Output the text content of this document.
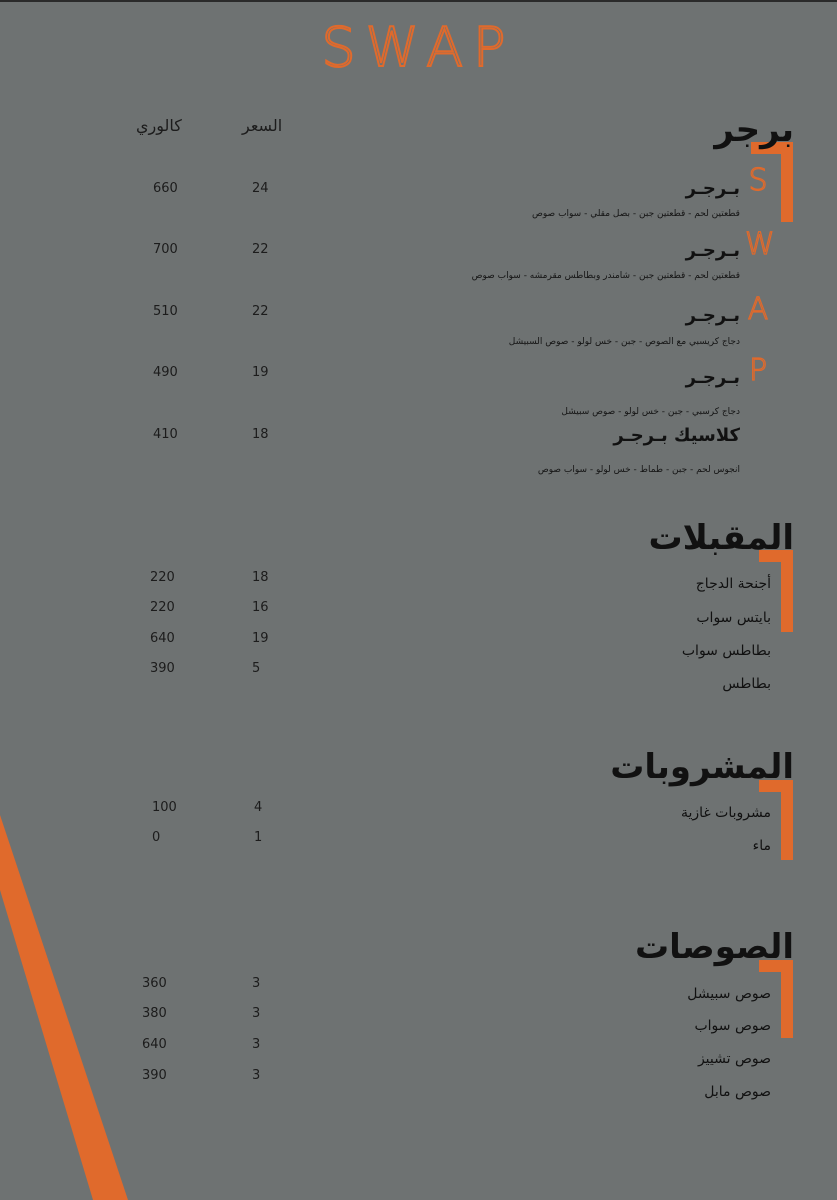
SWAP
السعر
كالوري	برجر
S
بـرجـر
قطعتين لحم - قطعتين جبن - بصل مقلي - سواب صوص
24
660
W
بـرجـر
قطعتين لحم - قطعتين جبن - شامندر وبطاطس مقرمشه - سواب صوص
22
700
A
بـرجـر
دجاج كريسبي مع الصوص - جبن - خس لولو - صوص السبيشل
22
510
P
بـرجـر
دجاج كرسبي - جبن - خس لولو - صوص سبيشل
19
490
كلاسيك بـرجـر
انجوس لحم - جبن - طماط - خس لولو - سواب صوص
18
410
المقبلات
أجنحة الدجاج
18
220
بايتس سواب
16
220
بطاطس سواب
19
640
بطاطس
5
390
المشروبات
مشروبات غازية
4
100
ماء
1
0
الصوصات
صوص سبيشل
3
360
صوص سواب
3
380
صوص تشييز
3
640
صوص مابل
3
390
